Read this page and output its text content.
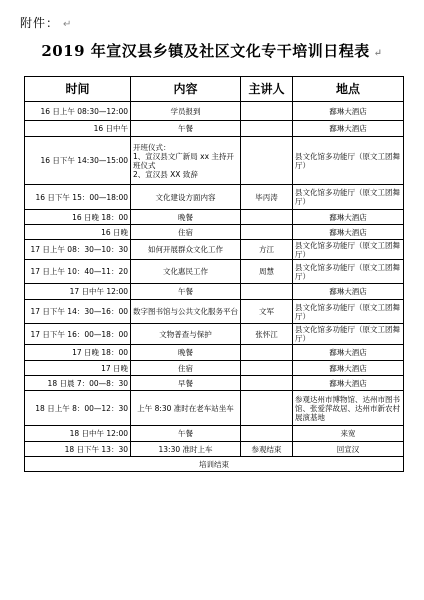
附件： ↵
2019 年宣汉县乡镇及社区文化专干培训日程表 ↵
时间	内容	主讲人	地点
16 日上午 08:30—12:00	学员报到		鄱琳大酒店
16 日中午	午餐		鄱琳大酒店
16 日下午 14:30—15:00	开班仪式：
1、宣汉县文广新局 xx 主持开班仪式
2、宣汉县 XX 致辞		县文化馆多功能厅（原文工团舞厅）
16 日下午 15：00—18:00	文化建设方面内容	毕丙涛	县文化馆多功能厅（原文工团舞厅）
16 日晚 18：00	晚餐		鄱琳大酒店
16 日晚	住宿		鄱琳大酒店
17 日上午 08：30—10：30	如何开展群众文化工作	方江	县文化馆多功能厅（原文工团舞厅）
17 日上午 10：40—11：20	文化惠民工作	周慧	县文化馆多功能厅（原文工团舞厅）
17 日中午 12:00	午餐		鄱琳大酒店
17 日下午 14：30—16：00	数字图书馆与公共文化服务平台	文军	县文化馆多功能厅（原文工团舞厅）
17 日下午 16：00—18：00	文物普查与保护	张怀江	县文化馆多功能厅（原文工团舞厅）
17 日晚 18：00	晚餐		鄱琳大酒店
17 日晚	住宿		鄱琳大酒店
18 日晨 7：00—8：30	早餐		鄱琳大酒店
18 日上午 8：00—12：30	上午 8:30 准时在老车站坐车		参观达州市博物馆、达州市图书馆、张爱萍故居、达州市新农村展演基地
18 日中午 12:00	午餐		来宽
18 日下午 13：30	13:30 准时上车	参观结束	回宣汉
培训结束			
